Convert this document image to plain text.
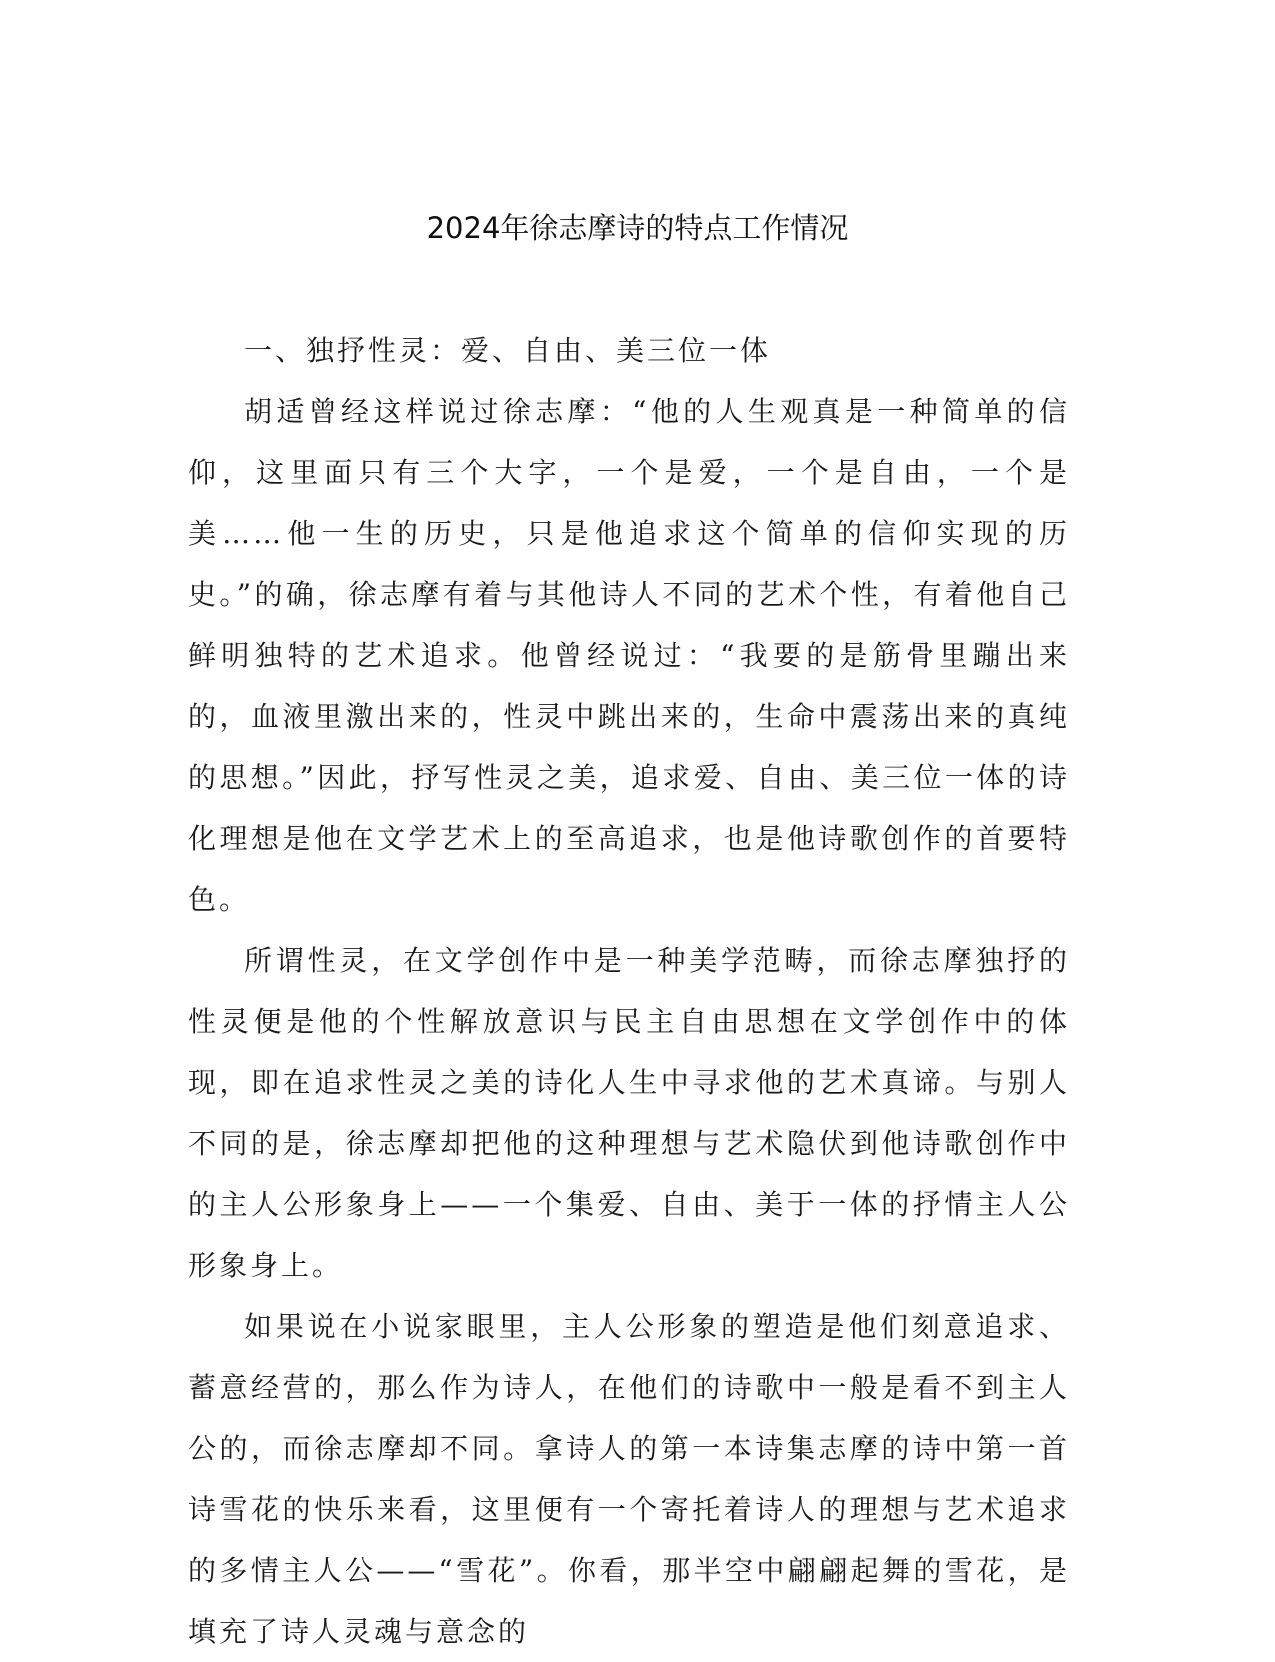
2024年徐志摩诗的特点工作情况
一、独抒性灵：爱、自由、美三位一体

胡适曾经这样说过徐志摩：“他的人生观真是一种简单的信仰，这里面只有三个大字，一个是爱，一个是自由，一个是美……他一生的历史，只是他追求这个简单的信仰实现的历史。”的确，徐志摩有着与其他诗人不同的艺术个性，有着他自己鲜明独特的艺术追求。他曾经说过：“我要的是筋骨里蹦出来的，血液里激出来的，性灵中跳出来的，生命中震荡出来的真纯的思想。”因此，抒写性灵之美，追求爱、自由、美三位一体的诗化理想是他在文学艺术上的至高追求，也是他诗歌创作的首要特色。

所谓性灵，在文学创作中是一种美学范畴，而徐志摩独抒的性灵便是他的个性解放意识与民主自由思想在文学创作中的体现，即在追求性灵之美的诗化人生中寻求他的艺术真谛。与别人不同的是，徐志摩却把他的这种理想与艺术隐伏到他诗歌创作中的主人公形象身上——一个集爱、自由、美于一体的抒情主人公形象身上。

如果说在小说家眼里，主人公形象的塑造是他们刻意追求、蓄意经营的，那么作为诗人，在他们的诗歌中一般是看不到主人公的，而徐志摩却不同。拿诗人的第一本诗集志摩的诗中第一首诗雪花的快乐来看，这里便有一个寄托着诗人的理想与艺术追求的多情主人公——“雪花”。你看，那半空中翩翩起舞的雪花，是填充了诗人灵魂与意念的
